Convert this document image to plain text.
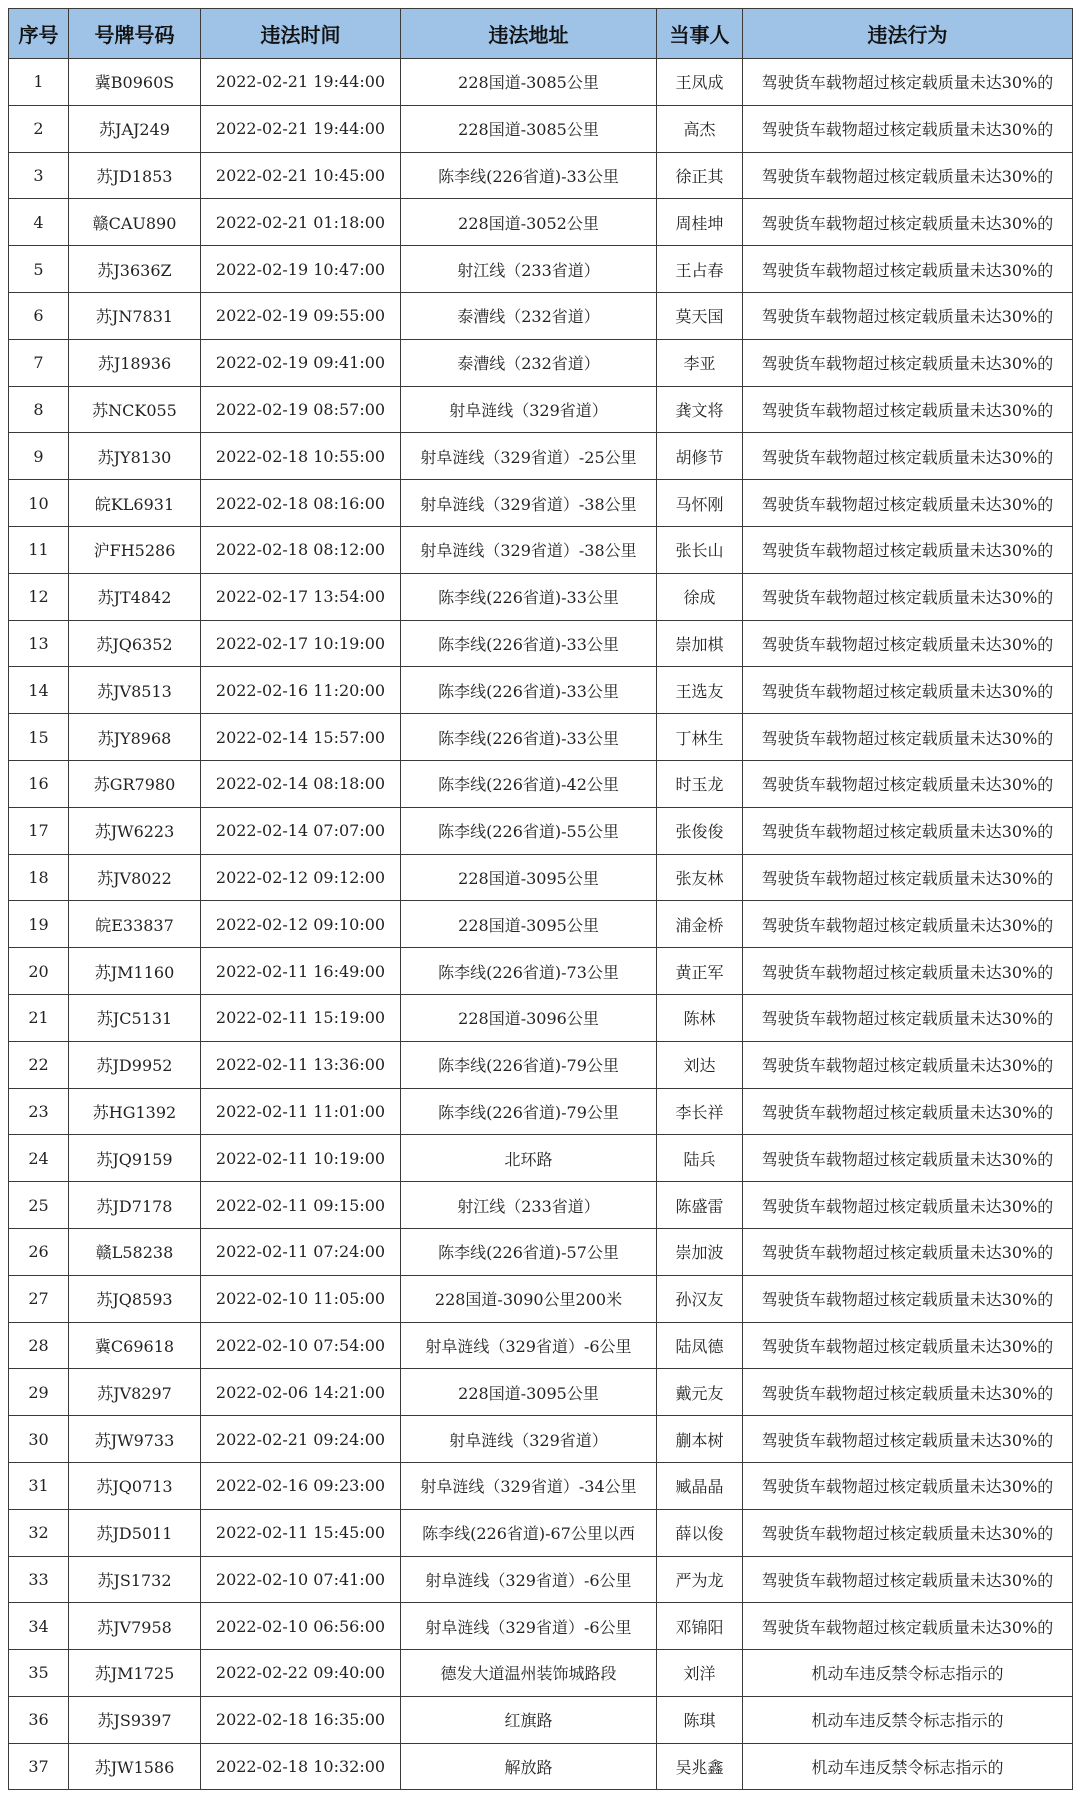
序号	号牌号码	违法时间	违法地址	当事人	违法行为
1	冀B0960S	2022-02-21 19:44:00	228国道-3085公里	王凤成	驾驶货车载物超过核定载质量未达30%的
2	苏JAJ249	2022-02-21 19:44:00	228国道-3085公里	高杰	驾驶货车载物超过核定载质量未达30%的
3	苏JD1853	2022-02-21 10:45:00	陈李线(226省道)-33公里	徐正其	驾驶货车载物超过核定载质量未达30%的
4	赣CAU890	2022-02-21 01:18:00	228国道-3052公里	周桂坤	驾驶货车载物超过核定载质量未达30%的
5	苏J3636Z	2022-02-19 10:47:00	射江线（233省道）	王占春	驾驶货车载物超过核定载质量未达30%的
6	苏JN7831	2022-02-19 09:55:00	泰漕线（232省道）	莫天国	驾驶货车载物超过核定载质量未达30%的
7	苏J18936	2022-02-19 09:41:00	泰漕线（232省道）	李亚	驾驶货车载物超过核定载质量未达30%的
8	苏NCK055	2022-02-19 08:57:00	射阜涟线（329省道）	龚文将	驾驶货车载物超过核定载质量未达30%的
9	苏JY8130	2022-02-18 10:55:00	射阜涟线（329省道）-25公里	胡修节	驾驶货车载物超过核定载质量未达30%的
10	皖KL6931	2022-02-18 08:16:00	射阜涟线（329省道）-38公里	马怀刚	驾驶货车载物超过核定载质量未达30%的
11	沪FH5286	2022-02-18 08:12:00	射阜涟线（329省道）-38公里	张长山	驾驶货车载物超过核定载质量未达30%的
12	苏JT4842	2022-02-17 13:54:00	陈李线(226省道)-33公里	徐成	驾驶货车载物超过核定载质量未达30%的
13	苏JQ6352	2022-02-17 10:19:00	陈李线(226省道)-33公里	崇加棋	驾驶货车载物超过核定载质量未达30%的
14	苏JV8513	2022-02-16 11:20:00	陈李线(226省道)-33公里	王选友	驾驶货车载物超过核定载质量未达30%的
15	苏JY8968	2022-02-14 15:57:00	陈李线(226省道)-33公里	丁林生	驾驶货车载物超过核定载质量未达30%的
16	苏GR7980	2022-02-14 08:18:00	陈李线(226省道)-42公里	时玉龙	驾驶货车载物超过核定载质量未达30%的
17	苏JW6223	2022-02-14 07:07:00	陈李线(226省道)-55公里	张俊俊	驾驶货车载物超过核定载质量未达30%的
18	苏JV8022	2022-02-12 09:12:00	228国道-3095公里	张友林	驾驶货车载物超过核定载质量未达30%的
19	皖E33837	2022-02-12 09:10:00	228国道-3095公里	浦金桥	驾驶货车载物超过核定载质量未达30%的
20	苏JM1160	2022-02-11 16:49:00	陈李线(226省道)-73公里	黄正军	驾驶货车载物超过核定载质量未达30%的
21	苏JC5131	2022-02-11 15:19:00	228国道-3096公里	陈林	驾驶货车载物超过核定载质量未达30%的
22	苏JD9952	2022-02-11 13:36:00	陈李线(226省道)-79公里	刘达	驾驶货车载物超过核定载质量未达30%的
23	苏HG1392	2022-02-11 11:01:00	陈李线(226省道)-79公里	李长祥	驾驶货车载物超过核定载质量未达30%的
24	苏JQ9159	2022-02-11 10:19:00	北环路	陆兵	驾驶货车载物超过核定载质量未达30%的
25	苏JD7178	2022-02-11 09:15:00	射江线（233省道）	陈盛雷	驾驶货车载物超过核定载质量未达30%的
26	赣L58238	2022-02-11 07:24:00	陈李线(226省道)-57公里	崇加波	驾驶货车载物超过核定载质量未达30%的
27	苏JQ8593	2022-02-10 11:05:00	228国道-3090公里200米	孙汉友	驾驶货车载物超过核定载质量未达30%的
28	冀C69618	2022-02-10 07:54:00	射阜涟线（329省道）-6公里	陆凤德	驾驶货车载物超过核定载质量未达30%的
29	苏JV8297	2022-02-06 14:21:00	228国道-3095公里	戴元友	驾驶货车载物超过核定载质量未达30%的
30	苏JW9733	2022-02-21 09:24:00	射阜涟线（329省道）	蒯本树	驾驶货车载物超过核定载质量未达30%的
31	苏JQ0713	2022-02-16 09:23:00	射阜涟线（329省道）-34公里	臧晶晶	驾驶货车载物超过核定载质量未达30%的
32	苏JD5011	2022-02-11 15:45:00	陈李线(226省道)-67公里以西	薛以俊	驾驶货车载物超过核定载质量未达30%的
33	苏JS1732	2022-02-10 07:41:00	射阜涟线（329省道）-6公里	严为龙	驾驶货车载物超过核定载质量未达30%的
34	苏JV7958	2022-02-10 06:56:00	射阜涟线（329省道）-6公里	邓锦阳	驾驶货车载物超过核定载质量未达30%的
35	苏JM1725	2022-02-22 09:40:00	德发大道温州装饰城路段	刘洋	机动车违反禁令标志指示的
36	苏JS9397	2022-02-18 16:35:00	红旗路	陈琪	机动车违反禁令标志指示的
37	苏JW1586	2022-02-18 10:32:00	解放路	吴兆鑫	机动车违反禁令标志指示的
